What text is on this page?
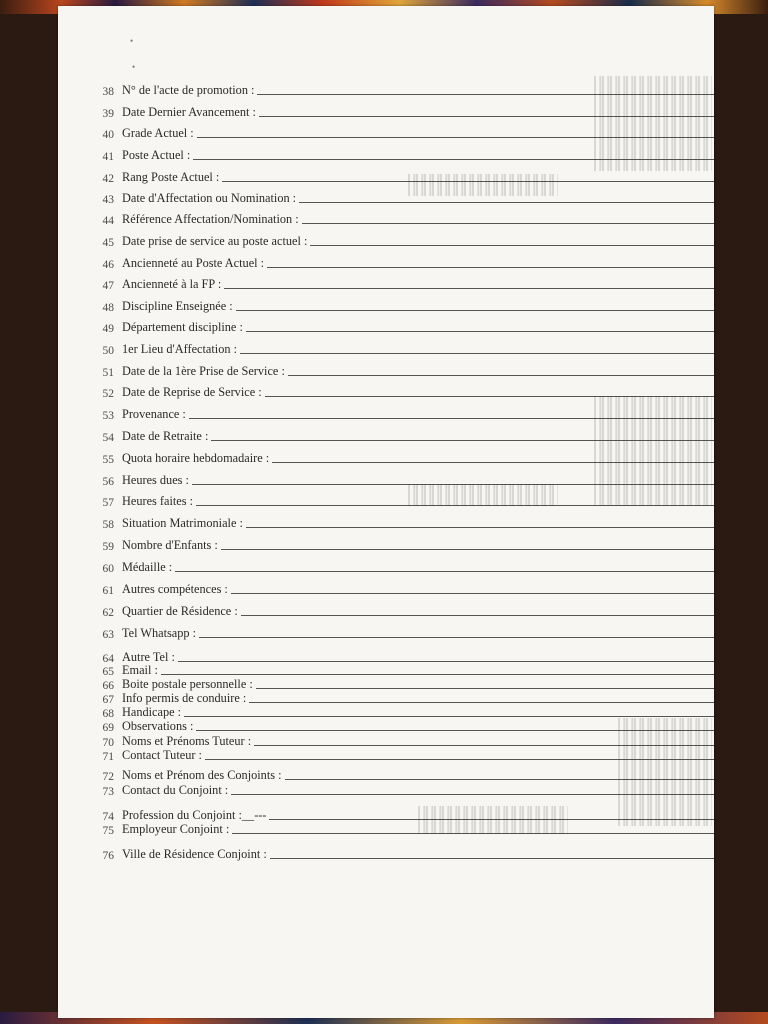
•
•
38 N° de l'acte de promotion :
39 Date Dernier Avancement :
40 Grade Actuel :
41 Poste Actuel :
42 Rang Poste Actuel :
43 Date d'Affectation ou Nomination :
44 Référence Affectation/Nomination :
45 Date prise de service au poste actuel :
46 Ancienneté au Poste Actuel :
47 Ancienneté à la FP :
48 Discipline Enseignée :
49 Département discipline :
50 1er Lieu d'Affectation :
51 Date de la 1ère Prise de Service :
52 Date de Reprise de Service :
53 Provenance :
54 Date de Retraite :
55 Quota horaire hebdomadaire :
56 Heures dues :
57 Heures faites :
58 Situation Matrimoniale :
59 Nombre d'Enfants :
60 Médaille :
61 Autres compétences :
62 Quartier de Résidence :
63 Tel Whatsapp :
64 Autre Tel :
65 Email :
66 Boite postale personnelle :
67 Info permis de conduire :
68 Handicape :
69 Observations :
70 Noms et Prénoms Tuteur :
71 Contact Tuteur :
72 Noms et Prénom des Conjoints :
73 Contact du Conjoint :
74 Profession du Conjoint :__---
75 Employeur Conjoint :
76 Ville de Résidence Conjoint :
